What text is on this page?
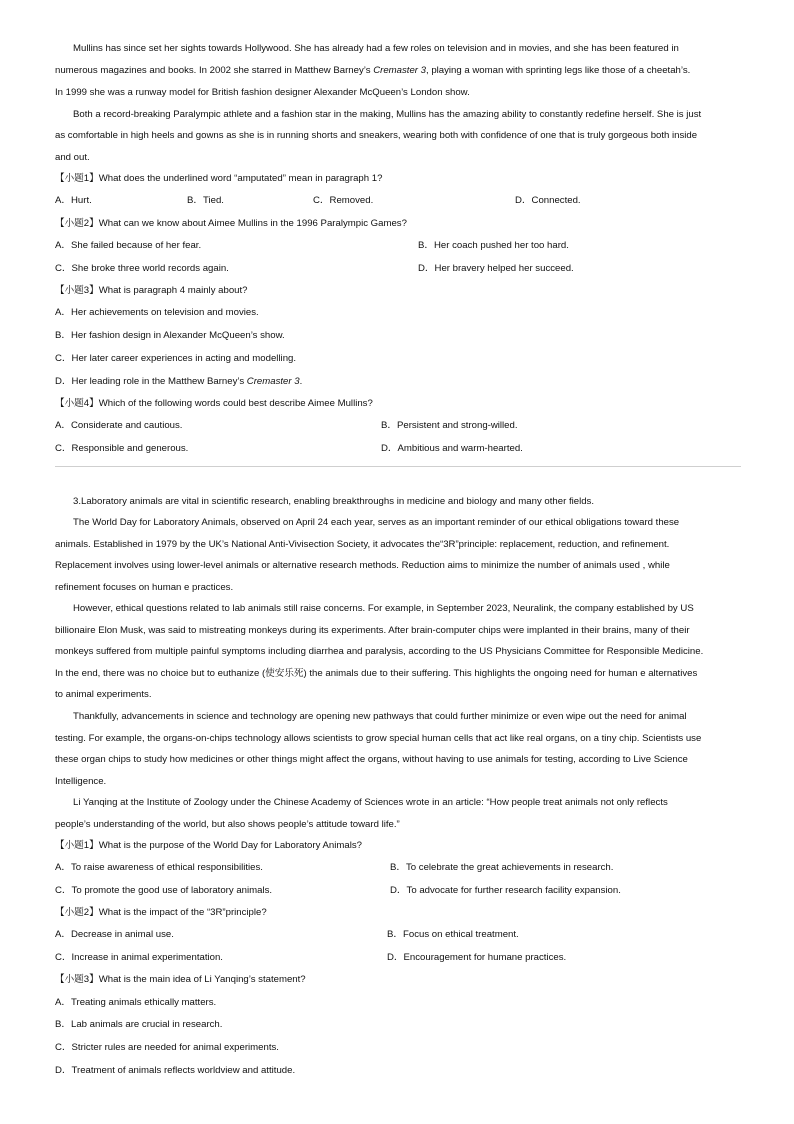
Mullins has since set her sights towards Hollywood. She has already had a few roles on television and in movies, and she has been featured in
numerous magazines and books. In 2002 she starred in Matthew Barney’s Cremaster 3, playing a woman with sprinting legs like those of a cheetah’s.
In 1999 she was a runway model for British fashion designer Alexander McQueen’s London show.
Both a record-breaking Paralympic athlete and a fashion star in the making, Mullins has the amazing ability to constantly redefine herself. She is just
as comfortable in high heels and gowns as she is in running shorts and sneakers, wearing both with confidence of one that is truly gorgeous both inside
and out.
【小题1】What does the underlined word “amputated” mean in paragraph 1?
A．Hurt.	B．Tied.	C．Removed.	D．Connected.
【小题2】What can we know about Aimee Mullins in the 1996 Paralympic Games?
A．She failed because of her fear.	B．Her coach pushed her too hard.
C．She broke three world records again.	D．Her bravery helped her succeed.
【小题3】What is paragraph 4 mainly about?
A．Her achievements on television and movies.
B．Her fashion design in Alexander McQueen’s show.
C．Her later career experiences in acting and modelling.
D．Her leading role in the Matthew Barney’s Cremaster 3.
【小题4】Which of the following words could best describe Aimee Mullins?
A．Considerate and cautious.	B．Persistent and strong-willed.
C．Responsible and generous.	D．Ambitious and warm-hearted.
3.Laboratory animals are vital in scientific research, enabling breakthroughs in medicine and biology and many other fields.
The World Day for Laboratory Animals, observed on April 24 each year, serves as an important reminder of our ethical obligations toward these
animals. Established in 1979 by the UK’s National Anti-Vivisection Society, it advocates the“3R”principle: replacement, reduction, and refinement.
Replacement involves using lower-level animals or alternative research methods. Reduction aims to minimize the number of animals used , while
refinement focuses on human e practices.
However, ethical questions related to lab animals still raise concerns. For example, in September 2023, Neuralink, the company established by US
billionaire Elon Musk, was said to mistreating monkeys during its experiments. After brain-computer chips were implanted in their brains, many of their
monkeys suffered from multiple painful symptoms including diarrhea and paralysis, according to the US Physicians Committee for Responsible Medicine.
In the end, there was no choice but to euthanize (使安乐死) the animals due to their suffering. This highlights the ongoing need for human e alternatives
to animal experiments.
Thankfully, advancements in science and technology are opening new pathways that could further minimize or even wipe out the need for animal
testing. For example, the organs-on-chips technology allows scientists to grow special human cells that act like real organs, on a tiny chip. Scientists use
these organ chips to study how medicines or other things might affect the organs, without having to use animals for testing, according to Live Science
Intelligence.
Li Yanqing at the Institute of Zoology under the Chinese Academy of Sciences wrote in an article: “How people treat animals not only reflects
people’s understanding of the world, but also shows people’s attitude toward life.”
【小题1】What is the purpose of the World Day for Laboratory Animals?
A．To raise awareness of ethical responsibilities.	B．To celebrate the great achievements in research.
C．To promote the good use of laboratory animals.	D．To advocate for further research facility expansion.
【小题2】What is the impact of the “3R”principle?
A．Decrease in animal use.	B．Focus on ethical treatment.
C．Increase in animal experimentation.	D．Encouragement for humane practices.
【小题3】What is the main idea of Li Yanqing’s statement?
A．Treating animals ethically matters.
B．Lab animals are crucial in research.
C．Stricter rules are needed for animal experiments.
D．Treatment of animals reflects worldview and attitude.
